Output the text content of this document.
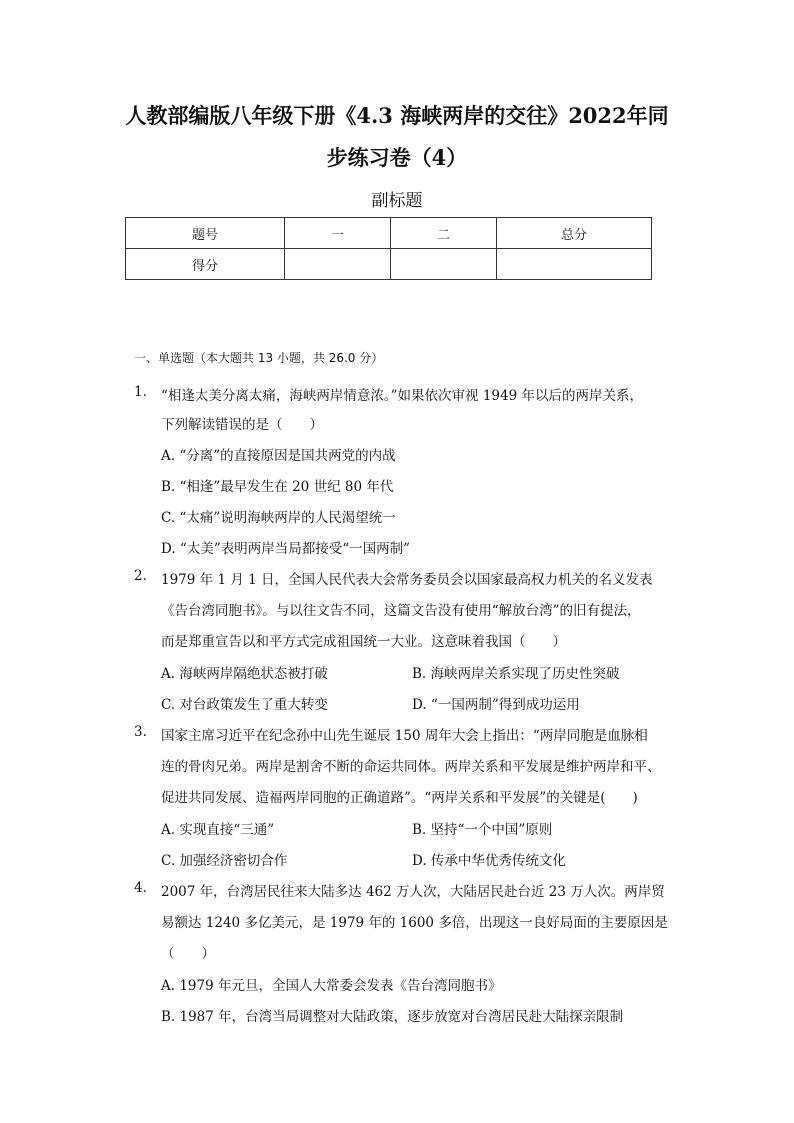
人教部编版八年级下册《4.3 海峡两岸的交往》2022年同
步练习卷（4）
副标题
题号	一	二	总分
得分			
一、单选题（本大题共 13 小题，共 26.0 分）
1. “相逢太美分离太痛，海峡两岸情意浓。”如果依次审视 1949 年以后的两岸关系，
下列解读错误的是（　　）
A. “分离”的直接原因是国共两党的内战
B. “相逢”最早发生在 20 世纪 80 年代
C. “太痛”说明海峡两岸的人民渴望统一
D. “太美”表明两岸当局都接受“一国两制”
2. 1979 年 1 月 1 日，全国人民代表大会常务委员会以国家最高权力机关的名义发表
《告台湾同胞书》。与以往文告不同，这篇文告没有使用“解放台湾”的旧有提法，
而是郑重宣告以和平方式完成祖国统一大业。这意味着我国（　　）
A. 海峡两岸隔绝状态被打破	B. 海峡两岸关系实现了历史性突破
C. 对台政策发生了重大转变	D. “一国两制”得到成功运用
3. 国家主席习近平在纪念孙中山先生诞辰 150 周年大会上指出：“两岸同胞是血脉相
连的骨肉兄弟。两岸是割舍不断的命运共同体。两岸关系和平发展是维护两岸和平、
促进共同发展、造福两岸同胞的正确道路”。“两岸关系和平发展”的关键是(　　)
A. 实现直接“三通”	B. 坚持“一个中国”原则
C. 加强经济密切合作	D. 传承中华优秀传统文化
4. 2007 年，台湾居民往来大陆多达 462 万人次，大陆居民赴台近 23 万人次。两岸贸
易额达 1240 多亿美元，是 1979 年的 1600 多倍，出现这一良好局面的主要原因是
（　　）
A. 1979 年元旦，全国人大常委会发表《告台湾同胞书》
B. 1987 年，台湾当局调整对大陆政策，逐步放宽对台湾居民赴大陆探亲限制
